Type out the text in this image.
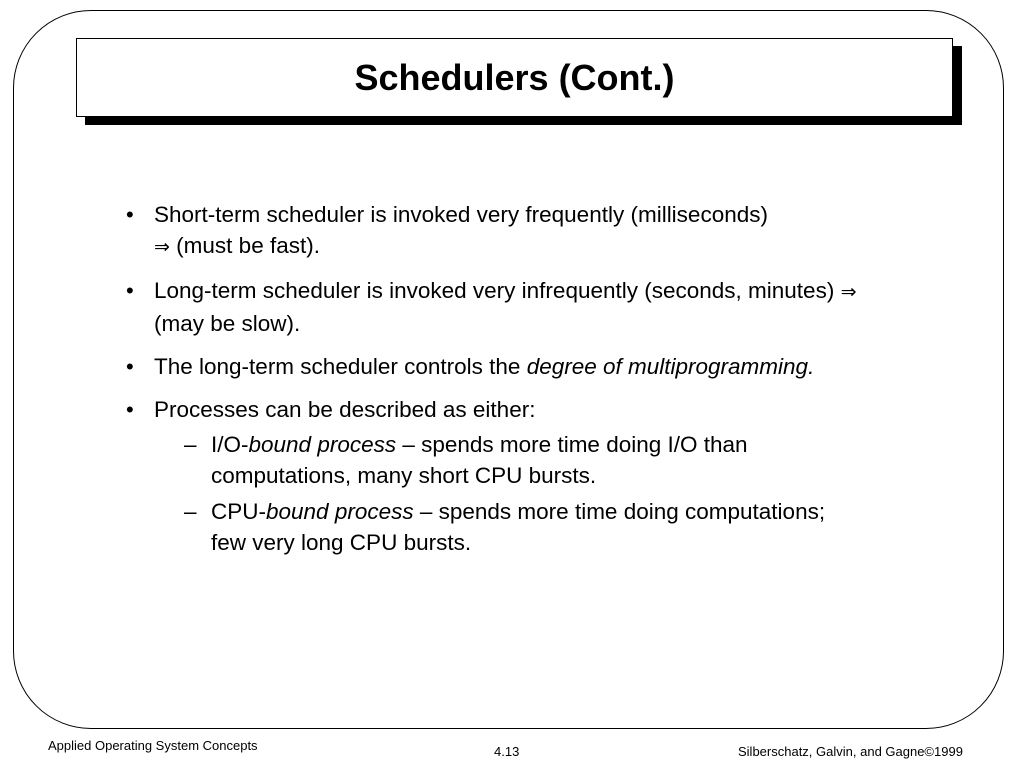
Schedulers (Cont.)
• Short-term scheduler is invoked very frequently (milliseconds)
⇒ (must be fast).
• Long-term scheduler is invoked very infrequently (seconds, minutes) ⇒ (may be slow).
• The long-term scheduler controls the degree of multiprogramming.
• Processes can be described as either:
– I/O-bound process – spends more time doing I/O than computations, many short CPU bursts.
– CPU-bound process – spends more time doing computations; few very long CPU bursts.
Applied Operating System Concepts	4.13	Silberschatz, Galvin, and Gagne©1999
